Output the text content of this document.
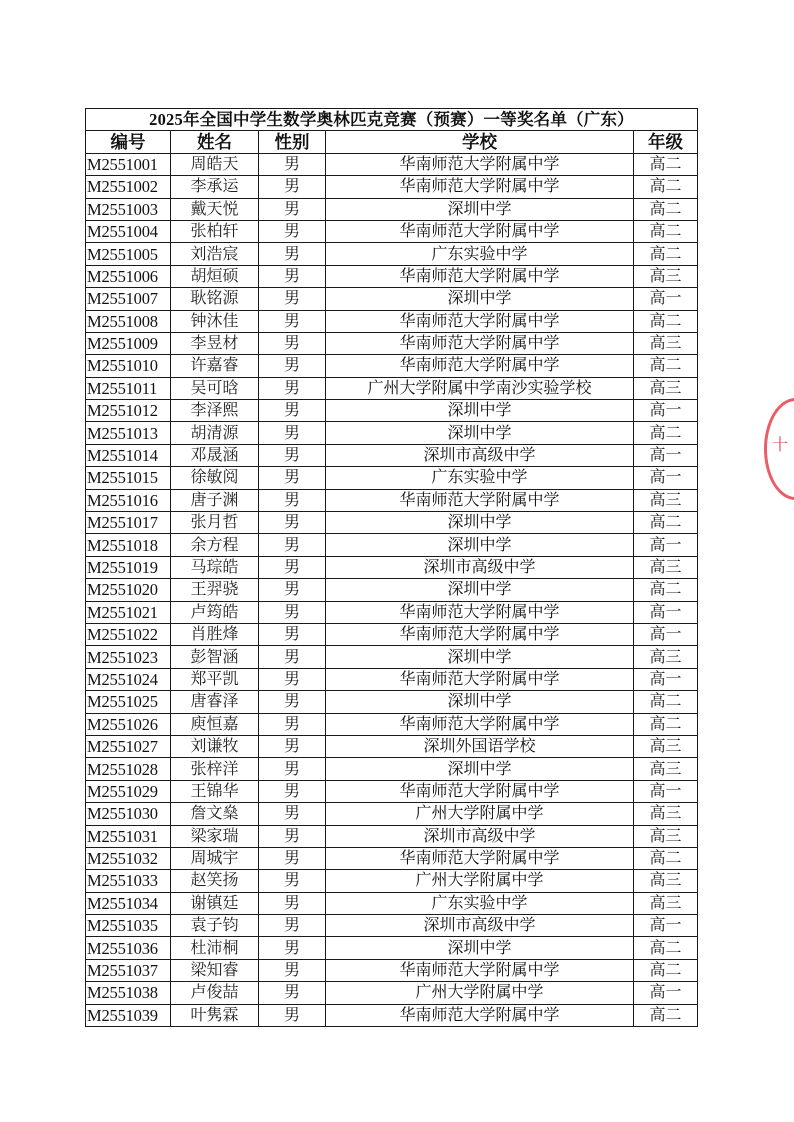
2025年全国中学生数学奥林匹克竞赛（预赛）一等奖名单（广东）				
编号	姓名	性别	学校	年级
M2551001	周皓天	男	华南师范大学附属中学	高二
M2551002	李承运	男	华南师范大学附属中学	高二
M2551003	戴天悦	男	深圳中学	高二
M2551004	张柏轩	男	华南师范大学附属中学	高二
M2551005	刘浩宸	男	广东实验中学	高二
M2551006	胡烜硕	男	华南师范大学附属中学	高三
M2551007	耿铭源	男	深圳中学	高一
M2551008	钟沐佳	男	华南师范大学附属中学	高二
M2551009	李昱材	男	华南师范大学附属中学	高三
M2551010	许嘉睿	男	华南师范大学附属中学	高二
M2551011	吴可晗	男	广州大学附属中学南沙实验学校	高三
M2551012	李泽熙	男	深圳中学	高一
M2551013	胡清源	男	深圳中学	高二
M2551014	邓晟涵	男	深圳市高级中学	高一
M2551015	徐敏阅	男	广东实验中学	高一
M2551016	唐子渊	男	华南师范大学附属中学	高三
M2551017	张月哲	男	深圳中学	高二
M2551018	余方程	男	深圳中学	高一
M2551019	马琮皓	男	深圳市高级中学	高三
M2551020	王羿骁	男	深圳中学	高二
M2551021	卢筠皓	男	华南师范大学附属中学	高一
M2551022	肖胜烽	男	华南师范大学附属中学	高一
M2551023	彭智涵	男	深圳中学	高三
M2551024	郑平凯	男	华南师范大学附属中学	高一
M2551025	唐睿泽	男	深圳中学	高二
M2551026	庾恒嘉	男	华南师范大学附属中学	高二
M2551027	刘谦牧	男	深圳外国语学校	高三
M2551028	张梓洋	男	深圳中学	高三
M2551029	王锦华	男	华南师范大学附属中学	高一
M2551030	詹文燊	男	广州大学附属中学	高三
M2551031	梁家瑞	男	深圳市高级中学	高三
M2551032	周城宇	男	华南师范大学附属中学	高二
M2551033	赵笑扬	男	广州大学附属中学	高三
M2551034	谢镇廷	男	广东实验中学	高三
M2551035	袁子钧	男	深圳市高级中学	高一
M2551036	杜沛桐	男	深圳中学	高二
M2551037	梁知睿	男	华南师范大学附属中学	高二
M2551038	卢俊喆	男	广州大学附属中学	高一
M2551039	叶隽霖	男	华南师范大学附属中学	高二
十
